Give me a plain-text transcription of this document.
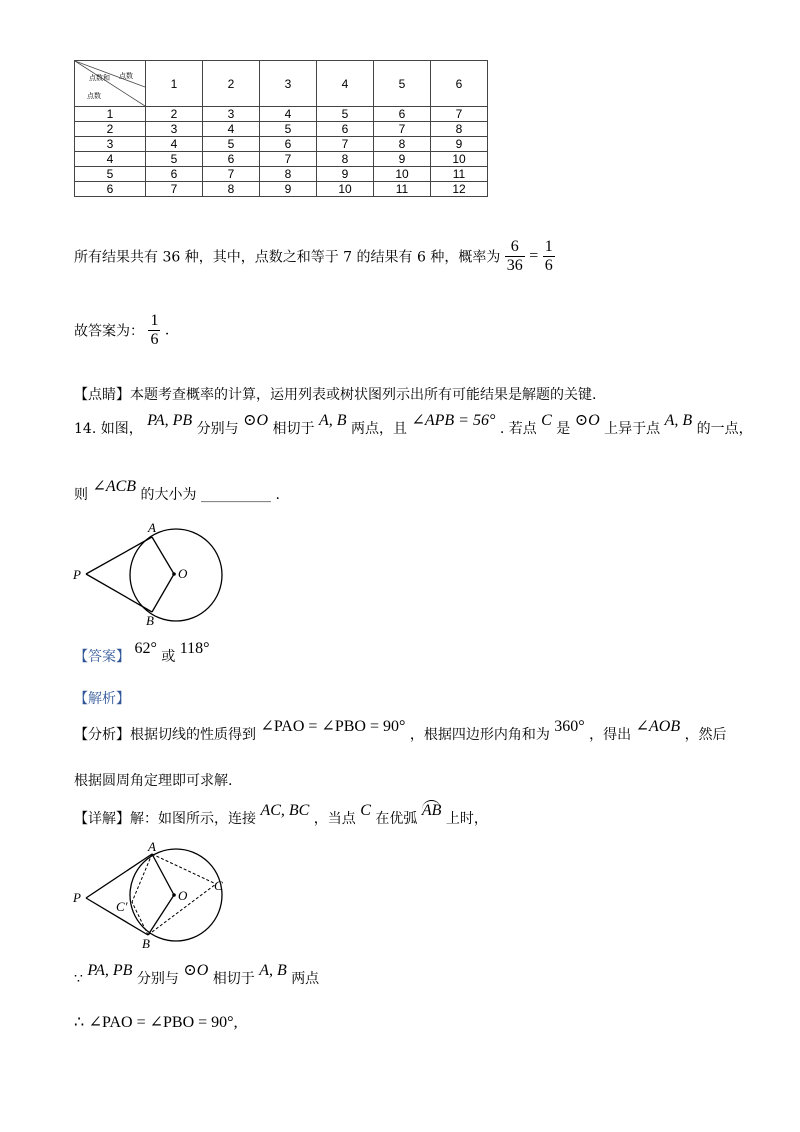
点数
点数和
点数	1	2	3	4	5	6
1	2	3	4	5	6	7
2	3	4	5	6	7	8
3	4	5	6	7	8	9
4	5	6	7	8	9	10
5	6	7	8	9	10	11
6	7	8	9	10	11	12
所有结果共有 36 种，其中，点数之和等于 7 的结果有 6 种，概率为 $\frac{6}{36} = \frac{1}{6}$
故答案为： $\frac{1}{6}$ .
【点睛】本题考查概率的计算，运用列表或树状图列示出所有可能结果是解题的关键.
14. 如图， PA, PB 分别与 ⊙O 相切于 A, B 两点，且 ∠APB = 56° . 若点 C 是 ⊙O 上异于点 A, B 的一点，
则 ∠ACB 的大小为 __________ .
A
B
P	O
【答案】 62° 或 118°
【解析】
【分析】根据切线的性质得到 ∠PAO = ∠PBO = 90° ，根据四边形内角和为 360° ，得出 ∠AOB ，然后
根据圆周角定理即可求解.
【详解】解：如图所示，连接 AC, BC ，当点 C 在优弧 AB 上时，
A
B
P	O
C
C′
∵ PA, PB 分别与 ⊙O 相切于 A, B 两点
∴ ∠PAO = ∠PBO = 90°,
